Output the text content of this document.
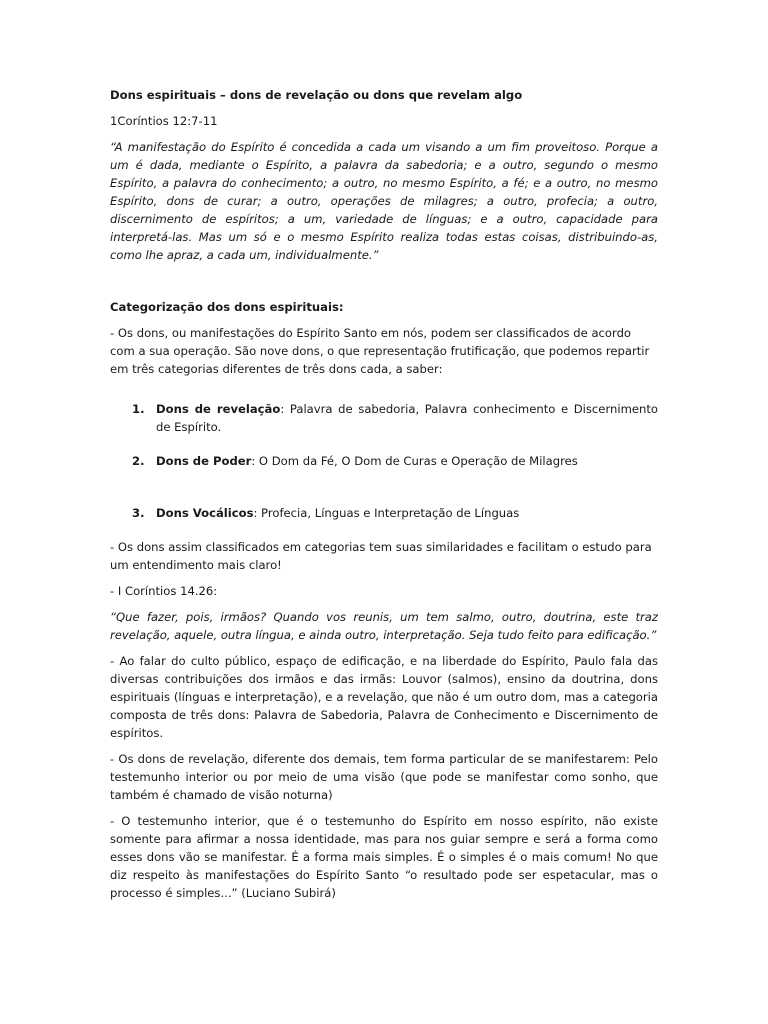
Dons espirituais – dons de revelação ou dons que revelam algo

1Coríntios 12:7-11

“A manifestação do Espírito é concedida a cada um visando a um fim proveitoso. Porque a um é dada, mediante o Espírito, a palavra da sabedoria; e a outro, segundo o mesmo Espírito, a palavra do conhecimento; a outro, no mesmo Espírito, a fé; e a outro, no mesmo Espírito, dons de curar; a outro, operações de milagres; a outro, profecia; a outro, discernimento de espíritos; a um, variedade de línguas; e a outro, capacidade para interpretá-las. Mas um só e o mesmo Espírito realiza todas estas coisas, distribuindo-as, como lhe apraz, a cada um, individualmente.”

Categorização dos dons espirituais:

- Os dons, ou manifestações do Espírito Santo em nós, podem ser classificados de acordo com a sua operação. São nove dons, o que representação frutificação, que podemos repartir em três categorias diferentes de três dons cada, a saber:

1. Dons de revelação: Palavra de sabedoria, Palavra conhecimento e Discernimento de Espírito.
2. Dons de Poder: O Dom da Fé, O Dom de Curas e Operação de Milagres
3. Dons Vocálicos: Profecia, Línguas e Interpretação de Línguas

- Os dons assim classificados em categorias tem suas similaridades e facilitam o estudo para um entendimento mais claro!

- I Coríntios 14.26:

“Que fazer, pois, irmãos? Quando vos reunis, um tem salmo, outro, doutrina, este traz revelação, aquele, outra língua, e ainda outro, interpretação. Seja tudo feito para edificação.”

- Ao falar do culto público, espaço de edificação, e na liberdade do Espírito, Paulo fala das diversas contribuições dos irmãos e das irmãs: Louvor (salmos), ensino da doutrina, dons espirituais (línguas e interpretação), e a revelação, que não é um outro dom, mas a categoria composta de três dons: Palavra de Sabedoria, Palavra de Conhecimento e Discernimento de espíritos.

- Os dons de revelação, diferente dos demais, tem forma particular de se manifestarem: Pelo testemunho interior ou por meio de uma visão (que pode se manifestar como sonho, que também é chamado de visão noturna)

- O testemunho interior, que é o testemunho do Espírito em nosso espírito, não existe somente para afirmar a nossa identidade, mas para nos guiar sempre e será a forma como esses dons vão se manifestar. É a forma mais simples. É o simples é o mais comum! No que diz respeito às manifestações do Espírito Santo “o resultado pode ser espetacular, mas o processo é simples...” (Luciano Subirá)
